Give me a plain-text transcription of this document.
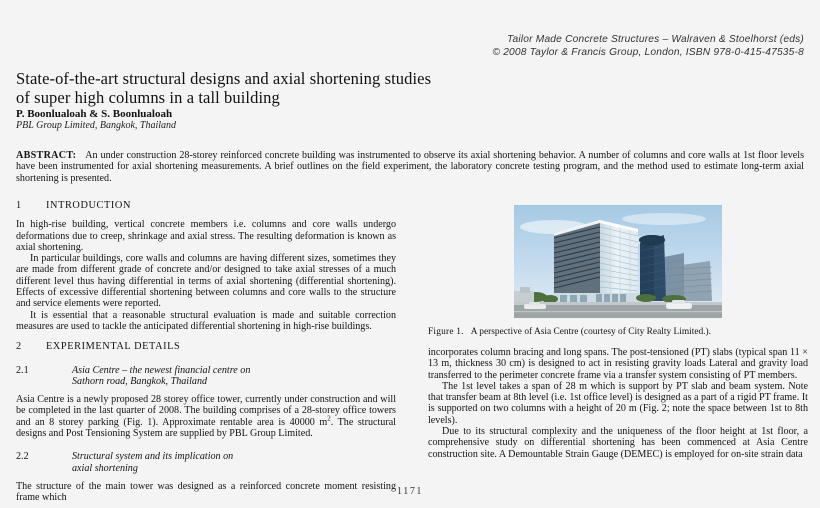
Tailor Made Concrete Structures – Walraven & Stoelhorst (eds)
© 2008 Taylor & Francis Group, London, ISBN 978-0-415-47535-8
State-of-the-art structural designs and axial shortening studies
of super high columns in a tall building
P. Boonlualoah & S. Boonlualoah
PBL Group Limited, Bangkok, Thailand
ABSTRACT: An under construction 28-storey reinforced concrete building was instrumented to observe its axial shortening behavior. A number of columns and core walls at 1st floor levels have been instrumented for axial shortening measurements. A brief outlines on the field experiment, the laboratory concrete testing program, and the method used to estimate long-term axial shortening is presented.
1	INTRODUCTION

In high-rise building, vertical concrete members i.e. columns and core walls undergo deformations due to creep, shrinkage and axial stress. The resulting deformation is known as axial shortening.

In particular buildings, core walls and columns are having different sizes, sometimes they are made from different grade of concrete and/or designed to take axial stresses of a much different level thus having differential in terms of axial shortening (differential shortening). Effects of excessive differential shortening between columns and core walls to the structure and service elements were reported.

It is essential that a reasonable structural evaluation is made and suitable correction measures are used to tackle the anticipated differential shortening in high-rise buildings.

2	EXPERIMENTAL DETAILS
2.1	Asia Centre – the newest financial centre on
Sathorn road, Bangkok, Thailand

Asia Centre is a newly proposed 28 storey office tower, currently under construction and will be completed in the last quarter of 2008. The building comprises of a 28-storey office towers and an 8 storey parking (Fig. 1). Approximate rentable area is 40000 $m^2$. The structural designs and Post Tensioning System are supplied by PBL Group Limited.

2.2	Structural system and its implication on
axial shortening

The structure of the main tower was designed as a reinforced concrete moment resisting frame which

Figure 1. A perspective of Asia Centre (courtesy of City Realty Limited.).

incorporates column bracing and long spans. The post-tensioned (PT) slabs (typical span 11 × 13 m, thickness 30 cm) is designed to act in resisting gravity loads Lateral and gravity load transferred to the perimeter concrete frame via a transfer system consisting of PT members.

The 1st level takes a span of 28 m which is support by PT slab and beam system. Note that transfer beam at 8th level (i.e. 1st office level) is designed as a part of a rigid PT frame. It is supported on two columns with a height of 20 m (Fig. 2; note the space between 1st to 8th levels).

Due to its structural complexity and the uniqueness of the floor height at 1st floor, a comprehensive study on differential shortening has been commenced at Asia Centre construction site. A Demountable Strain Gauge (DEMEC) is employed for on-site strain data

1171
